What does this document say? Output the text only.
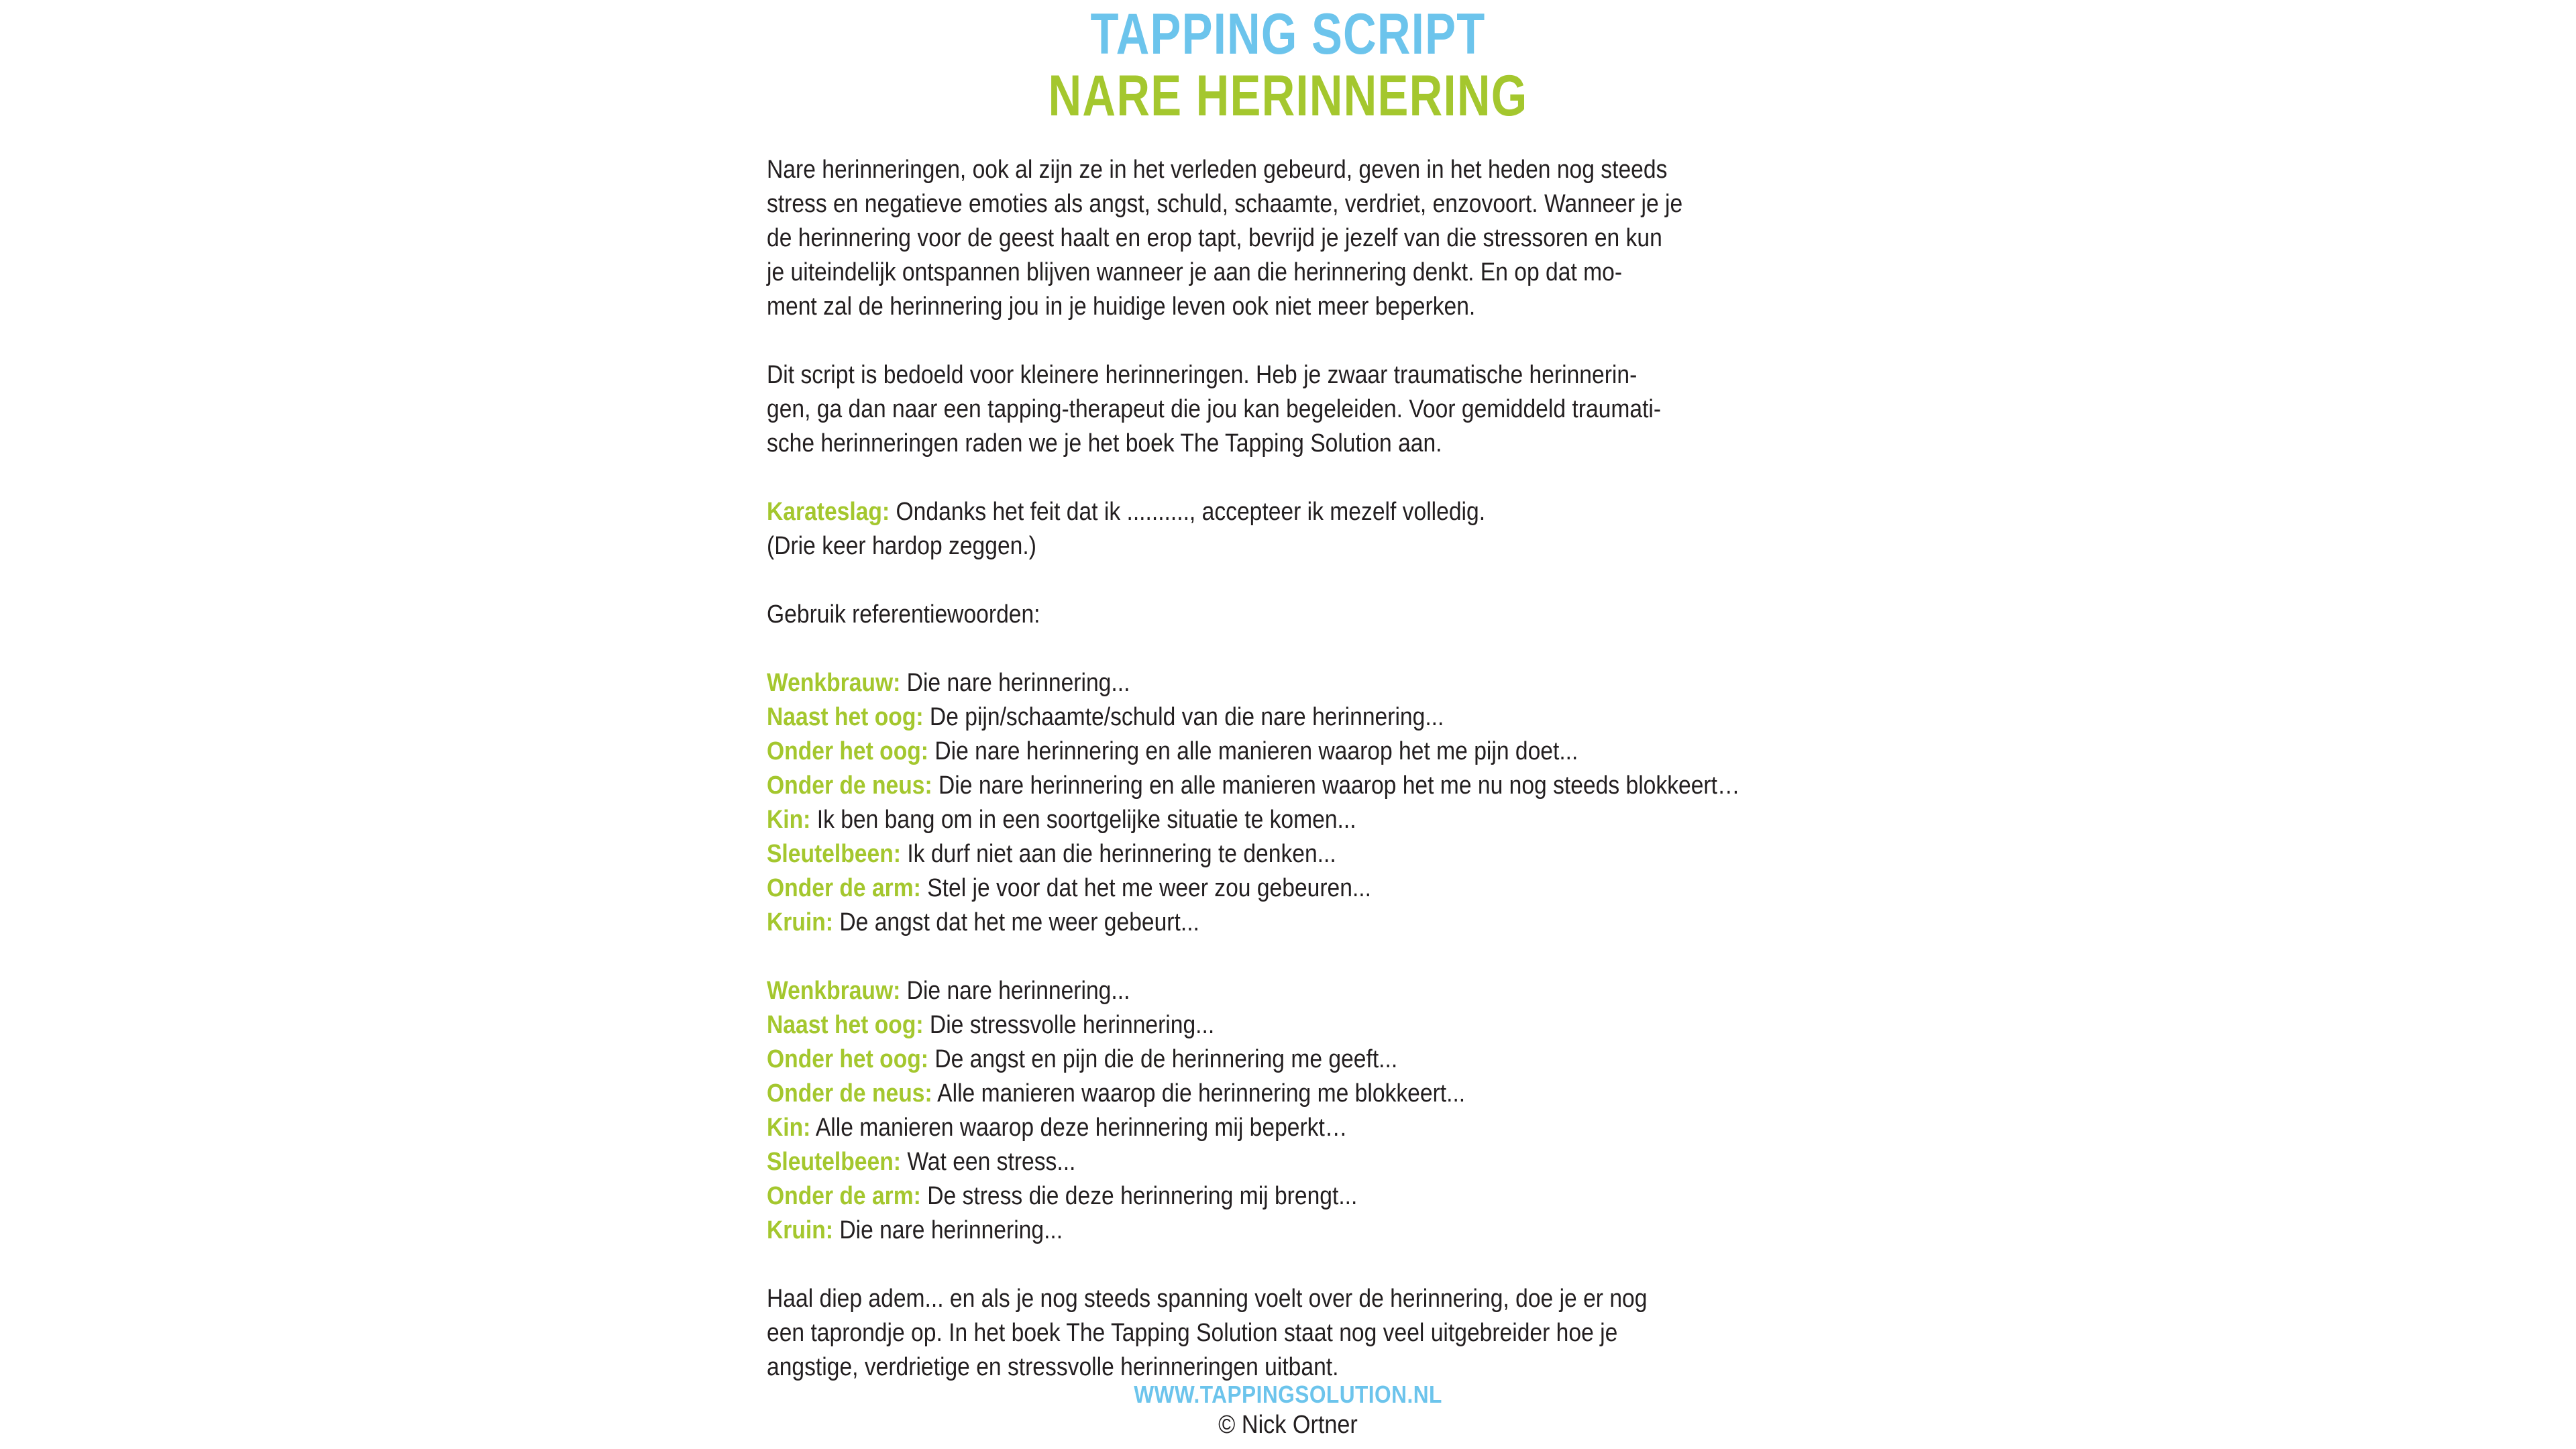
TAPPING SCRIPT
NARE HERINNERING
Nare herinneringen, ook al zijn ze in het verleden gebeurd, geven in het heden nog steeds
stress en negatieve emoties als angst, schuld, schaamte, verdriet, enzovoort. Wanneer je je
de herinnering voor de geest haalt en erop tapt, bevrijd je jezelf van die stressoren en kun
je uiteindelijk ontspannen blijven wanneer je aan die herinnering denkt. En op dat mo-
ment zal de herinnering jou in je huidige leven ook niet meer beperken.
Dit script is bedoeld voor kleinere herinneringen. Heb je zwaar traumatische herinnerin-
gen, ga dan naar een tapping-therapeut die jou kan begeleiden. Voor gemiddeld traumati-
sche herinneringen raden we je het boek The Tapping Solution aan.
Karateslag: Ondanks het feit dat ik .........., accepteer ik mezelf volledig.
(Drie keer hardop zeggen.)
Gebruik referentiewoorden:
Wenkbrauw: Die nare herinnering...
Naast het oog: De pijn/schaamte/schuld van die nare herinnering...
Onder het oog: Die nare herinnering en alle manieren waarop het me pijn doet...
Onder de neus: Die nare herinnering en alle manieren waarop het me nu nog steeds blokkeert…
Kin: Ik ben bang om in een soortgelijke situatie te komen...
Sleutelbeen: Ik durf niet aan die herinnering te denken...
Onder de arm: Stel je voor dat het me weer zou gebeuren...
Kruin: De angst dat het me weer gebeurt...
Wenkbrauw: Die nare herinnering...
Naast het oog: Die stressvolle herinnering...
Onder het oog: De angst en pijn die de herinnering me geeft...
Onder de neus: Alle manieren waarop die herinnering me blokkeert...
Kin: Alle manieren waarop deze herinnering mij beperkt…
Sleutelbeen: Wat een stress...
Onder de arm: De stress die deze herinnering mij brengt...
Kruin: Die nare herinnering...
Haal diep adem... en als je nog steeds spanning voelt over de herinnering, doe je er nog
een taprondje op. In het boek The Tapping Solution staat nog veel uitgebreider hoe je
angstige, verdrietige en stressvolle herinneringen uitbant.
WWW.TAPPINGSOLUTION.NL
© Nick Ortner
